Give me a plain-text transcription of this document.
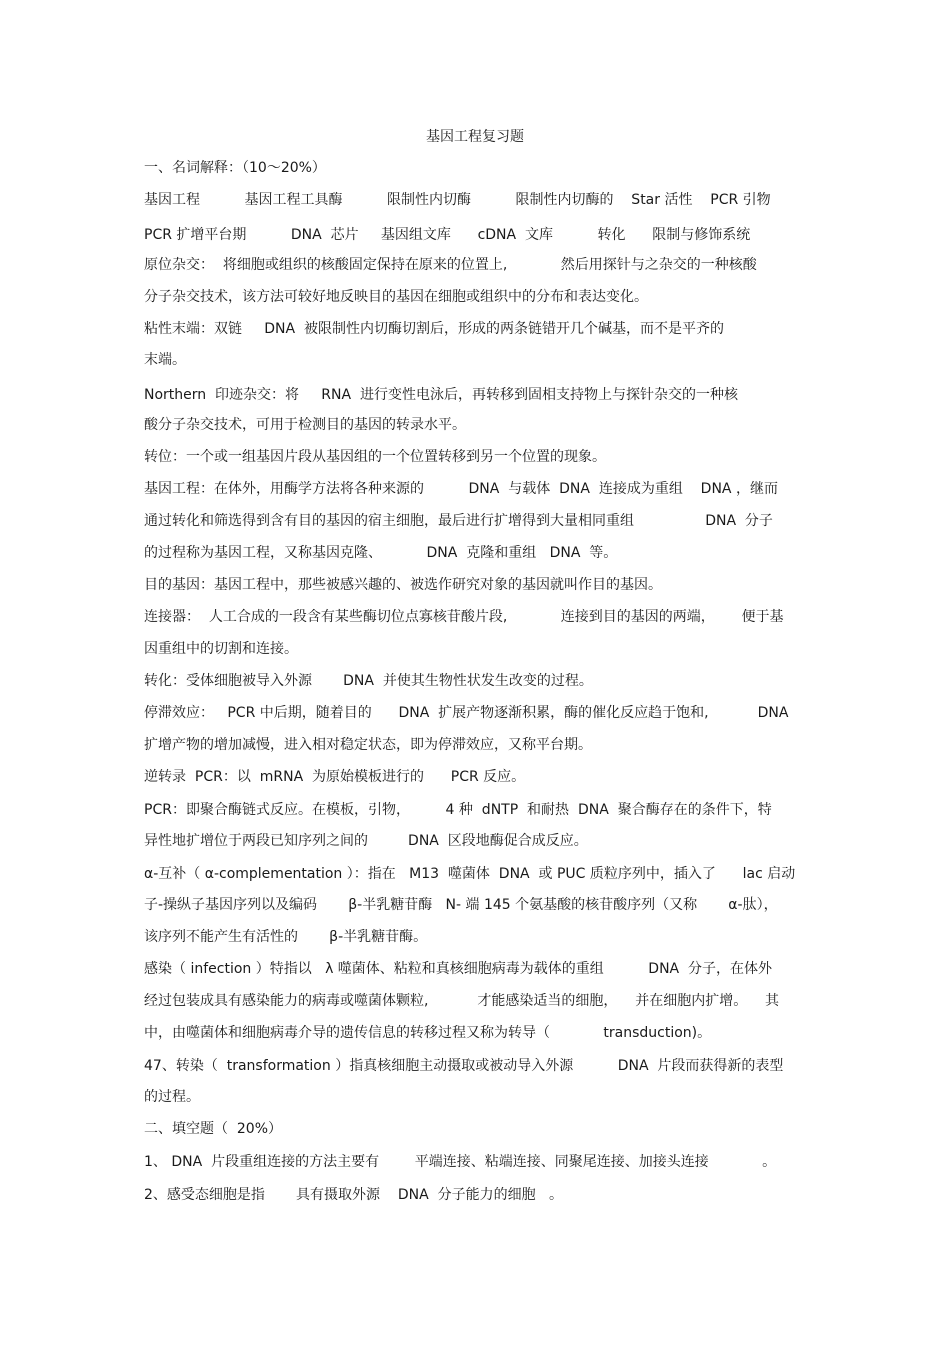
基因工程复习题
一、名词解释：（10～20%）
基因工程          基因工程工具酶          限制性内切酶          限制性内切酶的    Star 活性    PCR 引物
PCR 扩增平台期          DNA  芯片     基因组文库      cDNA  文库          转化      限制与修饰系统
原位杂交：  将细胞或组织的核酸固定保持在原来的位置上,            然后用探针与之杂交的一种核酸
分子杂交技术，该方法可较好地反映目的基因在细胞或组织中的分布和表达变化。
粘性末端：双链     DNA  被限制性内切酶切割后，形成的两条链错开几个碱基，而不是平齐的
末端。
Northern  印迹杂交：将     RNA  进行变性电泳后，再转移到固相支持物上与探针杂交的一种核
酸分子杂交技术，可用于检测目的基因的转录水平。
转位：一个或一组基因片段从基因组的一个位置转移到另一个位置的现象。
基因工程：在体外，用酶学方法将各种来源的          DNA  与载体  DNA  连接成为重组    DNA ，继而
通过转化和筛选得到含有目的基因的宿主细胞，最后进行扩增得到大量相同重组                DNA  分子
的过程称为基因工程，又称基因克隆、          DNA  克隆和重组   DNA  等。
目的基因：基因工程中，那些被感兴趣的、被选作研究对象的基因就叫作目的基因。
连接器：  人工合成的一段含有某些酶切位点寡核苷酸片段,            连接到目的基因的两端，      便于基
因重组中的切割和连接。
转化：受体细胞被导入外源       DNA  并使其生物性状发生改变的过程。
停滞效应：   PCR 中后期，随着目的      DNA  扩展产物逐渐积累，酶的催化反应趋于饱和,           DNA
扩增产物的增加减慢，进入相对稳定状态，即为停滞效应，又称平台期。
逆转录  PCR：以  mRNA  为原始模板进行的      PCR 反应。
PCR：即聚合酶链式反应。在模板，引物，        4 种  dNTP  和耐热  DNA  聚合酶存在的条件下，特
异性地扩增位于两段已知序列之间的         DNA  区段地酶促合成反应。
α-互补（ α-complementation ）：指在   M13  噬菌体  DNA  或 PUC 质粒序列中，插入了      lac 启动
子-操纵子基因序列以及编码       β-半乳糖苷酶   N- 端 145 个氨基酸的核苷酸序列（又称       α-肽），
该序列不能产生有活性的       β-半乳糖苷酶。
感染（ infection ）特指以   λ 噬菌体、粘粒和真核细胞病毒为载体的重组          DNA  分子，在体外
经过包装成具有感染能力的病毒或噬菌体颗粒,           才能感染适当的细胞，    并在细胞内扩增。    其
中，由噬菌体和细胞病毒介导的遗传信息的转移过程又称为转导（            transduction)。
47、转染（  transformation ）指真核细胞主动摄取或被动导入外源          DNA  片段而获得新的表型
的过程。
二、填空题（  20%）
1、 DNA  片段重组连接的方法主要有        平端连接、粘端连接、同聚尾连接、加接头连接            。
2、感受态细胞是指       具有摄取外源    DNA  分子能力的细胞   。
